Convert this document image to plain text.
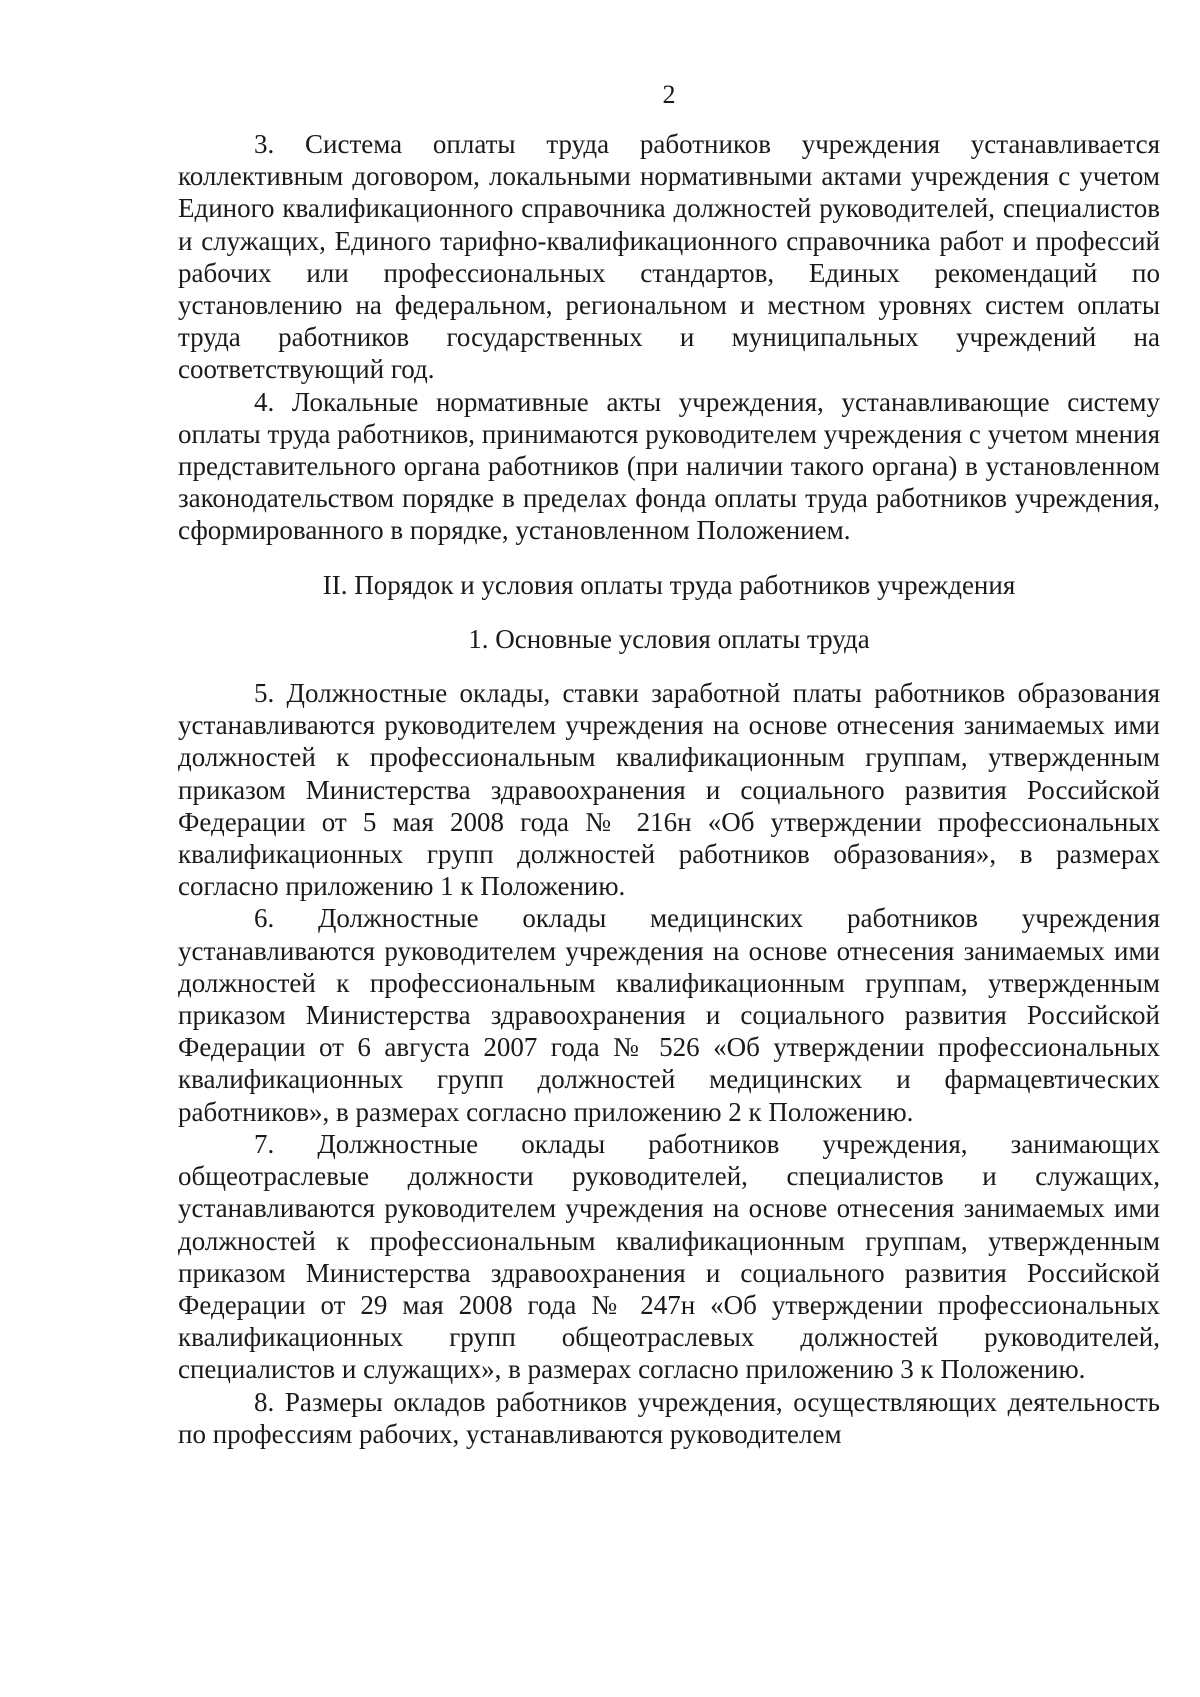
2

3. Система оплаты труда работников учреждения устанавливается коллективным договором, локальными нормативными актами учреждения с учетом Единого квалификационного справочника должностей руководителей, специалистов и служащих, Единого тарифно-квалификационного справочника работ и профессий рабочих или профессиональных стандартов, Единых рекомендаций по установлению на федеральном, региональном и местном уровнях систем оплаты труда работников государственных и муниципальных учреждений на соответствующий год.

4. Локальные нормативные акты учреждения, устанавливающие систему оплаты труда работников, принимаются руководителем учреждения с учетом мнения представительного органа работников (при наличии такого органа) в установленном законодательством порядке в пределах фонда оплаты труда работников учреждения, сформированного в порядке, установленном Положением.

II. Порядок и условия оплаты труда работников учреждения

1. Основные условия оплаты труда

5. Должностные оклады, ставки заработной платы работников образования устанавливаются руководителем учреждения на основе отнесения занимаемых ими должностей к профессиональным квалификационным группам, утвержденным приказом Министерства здравоохранения и социального развития Российской Федерации от 5 мая 2008 года № 216н «Об утверждении профессиональных квалификационных групп должностей работников образования», в размерах согласно приложению 1 к Положению.

6. Должностные оклады медицинских работников учреждения устанавливаются руководителем учреждения на основе отнесения занимаемых ими должностей к профессиональным квалификационным группам, утвержденным приказом Министерства здравоохранения и социального развития Российской Федерации от 6 августа 2007 года № 526 «Об утверждении профессиональных квалификационных групп должностей медицинских и фармацевтических работников», в размерах согласно приложению 2 к Положению.

7. Должностные оклады работников учреждения, занимающих общеотраслевые должности руководителей, специалистов и служащих, устанавливаются руководителем учреждения на основе отнесения занимаемых ими должностей к профессиональным квалификационным группам, утвержденным приказом Министерства здравоохранения и социального развития Российской Федерации от 29 мая 2008 года № 247н «Об утверждении профессиональных квалификационных групп общеотраслевых должностей руководителей, специалистов и служащих», в размерах согласно приложению 3 к Положению.

8. Размеры окладов работников учреждения, осуществляющих деятельность по профессиям рабочих, устанавливаются руководителем
